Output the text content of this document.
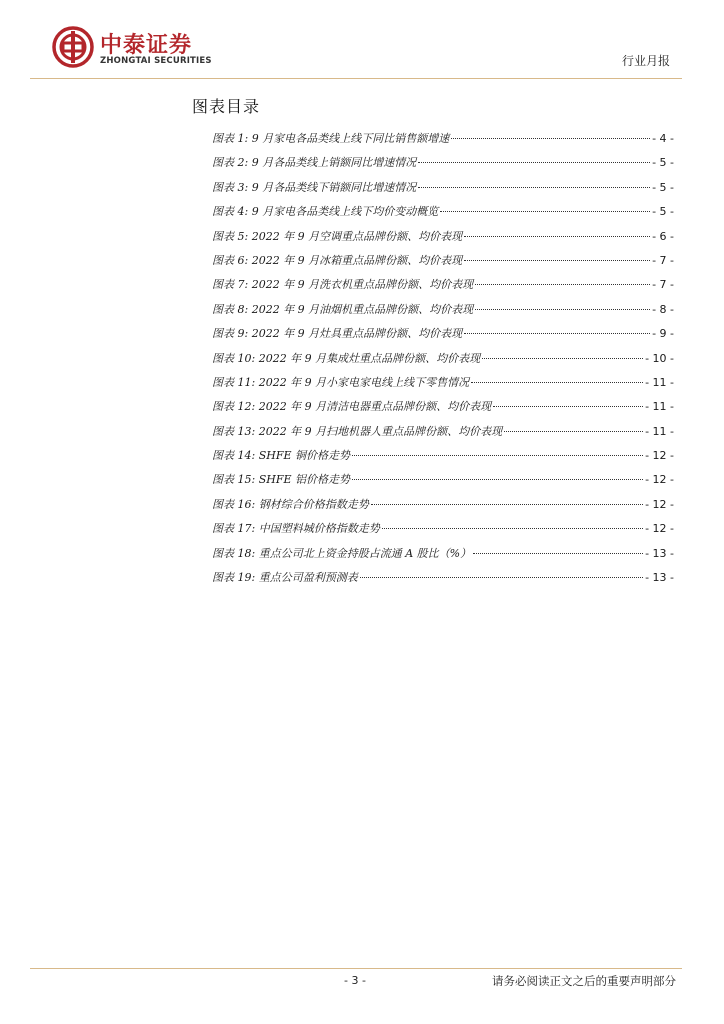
中泰证券
ZHONGTAI SECURITIES	行业月报
图表目录
图表 1: 9 月家电各品类线上线下同比销售额增速	- 4 -
图表 2: 9 月各品类线上销额同比增速情况	- 5 -
图表 3: 9 月各品类线下销额同比增速情况	- 5 -
图表 4: 9 月家电各品类线上线下均价变动概览	- 5 -
图表 5: 2022 年 9 月空调重点品牌份额、均价表现	- 6 -
图表 6: 2022 年 9 月冰箱重点品牌份额、均价表现	- 7 -
图表 7: 2022 年 9 月洗衣机重点品牌份额、均价表现	- 7 -
图表 8: 2022 年 9 月油烟机重点品牌份额、均价表现	- 8 -
图表 9: 2022 年 9 月灶具重点品牌份额、均价表现	- 9 -
图表 10: 2022 年 9 月集成灶重点品牌份额、均价表现	- 10 -
图表 11: 2022 年 9 月小家电家电线上线下零售情况	- 11 -
图表 12: 2022 年 9 月清洁电器重点品牌份额、均价表现	- 11 -
图表 13: 2022 年 9 月扫地机器人重点品牌份额、均价表现	- 11 -
图表 14: SHFE 铜价格走势	- 12 -
图表 15: SHFE 铝价格走势	- 12 -
图表 16: 钢材综合价格指数走势	- 12 -
图表 17: 中国塑料城价格指数走势	- 12 -
图表 18: 重点公司北上资金持股占流通 A 股比（%）	- 13 -
图表 19: 重点公司盈利预测表	- 13 -
- 3 -	请务必阅读正文之后的重要声明部分
